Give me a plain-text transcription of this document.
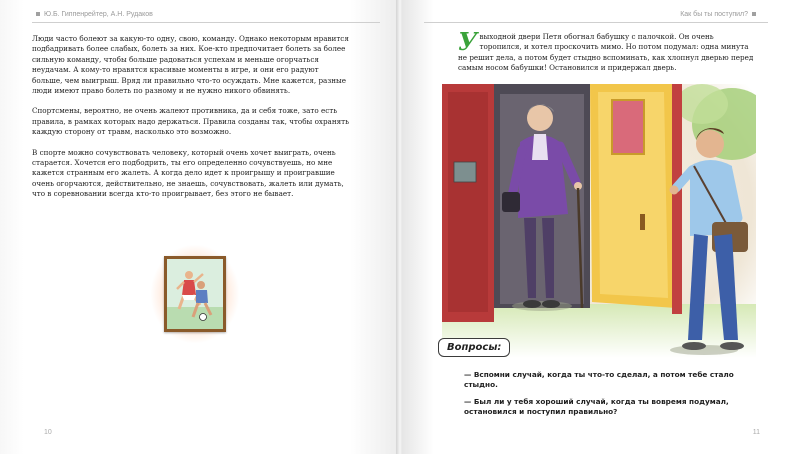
Ю.Б. Гиппенрейтер, А.Н. Рудаков

Люди часто болеют за какую-то одну, свою, команду. Однако некоторым нравится подбадривать более слабых, болеть за них. Кое-кто предпочитает болеть за более сильную команду, чтобы больше радоваться успехам и меньше огорчаться неудачам. А кому-то нравятся красивые моменты в игре, и они его радуют больше, чем выигрыш. Вряд ли правильно что-то осуждать. Мне кажется, разные люди имеют право болеть по разному и не нужно никого обвинять.

Спортсмены, вероятно, не очень жалеют противника, да и себя тоже, зато есть правила, в рамках которых надо держаться. Правила созданы так, чтобы охранять каждую сторону от травм, насколько это возможно.

В спорте можно сочувствовать человеку, который очень хочет выиграть, очень старается. Хочется его подбодрить, ты его определенно сочувствуешь, но мне кажется странным его жалеть. А когда дело идет к проигрышу и проигравшие очень огорчаются, действительно, не знаешь, сочувствовать, жалеть или думать, что в соревновании всегда кто-то проигрывает, без этого не бывает.

10
Как бы ты поступил?
У выходной двери Петя обогнал бабушку с палочкой. Он очень торопился, и хотел проскочить мимо. Но потом подумал: одна минута не решит дела, а потом будет стыдно вспоминать, как хлопнул дверью перед самым носом бабушки! Остановился и придержал дверь.
Вопросы:

— Вспомни случай, когда ты что-то сделал, а потом тебе стало стыдно.

— Был ли у тебя хороший случай, когда ты вовремя подумал, остановился и поступил правильно?

11
